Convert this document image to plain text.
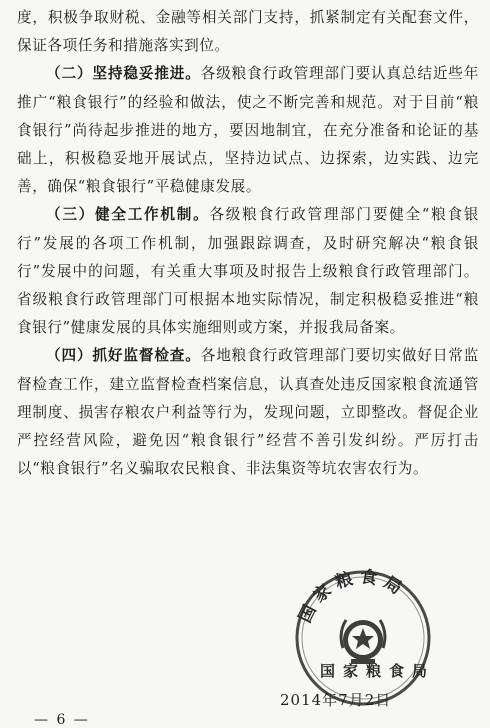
度，积极争取财税、金融等相关部门支持，抓紧制定有关配套文件，保证各项任务和措施落实到位。

（二）坚持稳妥推进。各级粮食行政管理部门要认真总结近些年推广“粮食银行”的经验和做法，使之不断完善和规范。对于目前“粮食银行”尚待起步推进的地方，要因地制宜，在充分准备和论证的基础上，积极稳妥地开展试点，坚持边试点、边探索，边实践、边完善，确保“粮食银行”平稳健康发展。

（三）健全工作机制。各级粮食行政管理部门要健全“粮食银行”发展的各项工作机制，加强跟踪调查，及时研究解决“粮食银行”发展中的问题，有关重大事项及时报告上级粮食行政管理部门。省级粮食行政管理部门可根据本地实际情况，制定积极稳妥推进“粮食银行”健康发展的具体实施细则或方案，并报我局备案。

（四）抓好监督检查。各地粮食行政管理部门要切实做好日常监督检查工作，建立监督检查档案信息，认真查处违反国家粮食流通管理制度、损害存粮农户利益等行为，发现问题，立即整改。督促企业严控经营风险，避免因“粮食银行”经营不善引发纠纷。严厉打击以“粮食银行”名义骗取农民粮食、非法集资等坑农害农行为。

国家粮食局
国家粮食局
2014年7月2日
— 6 —
